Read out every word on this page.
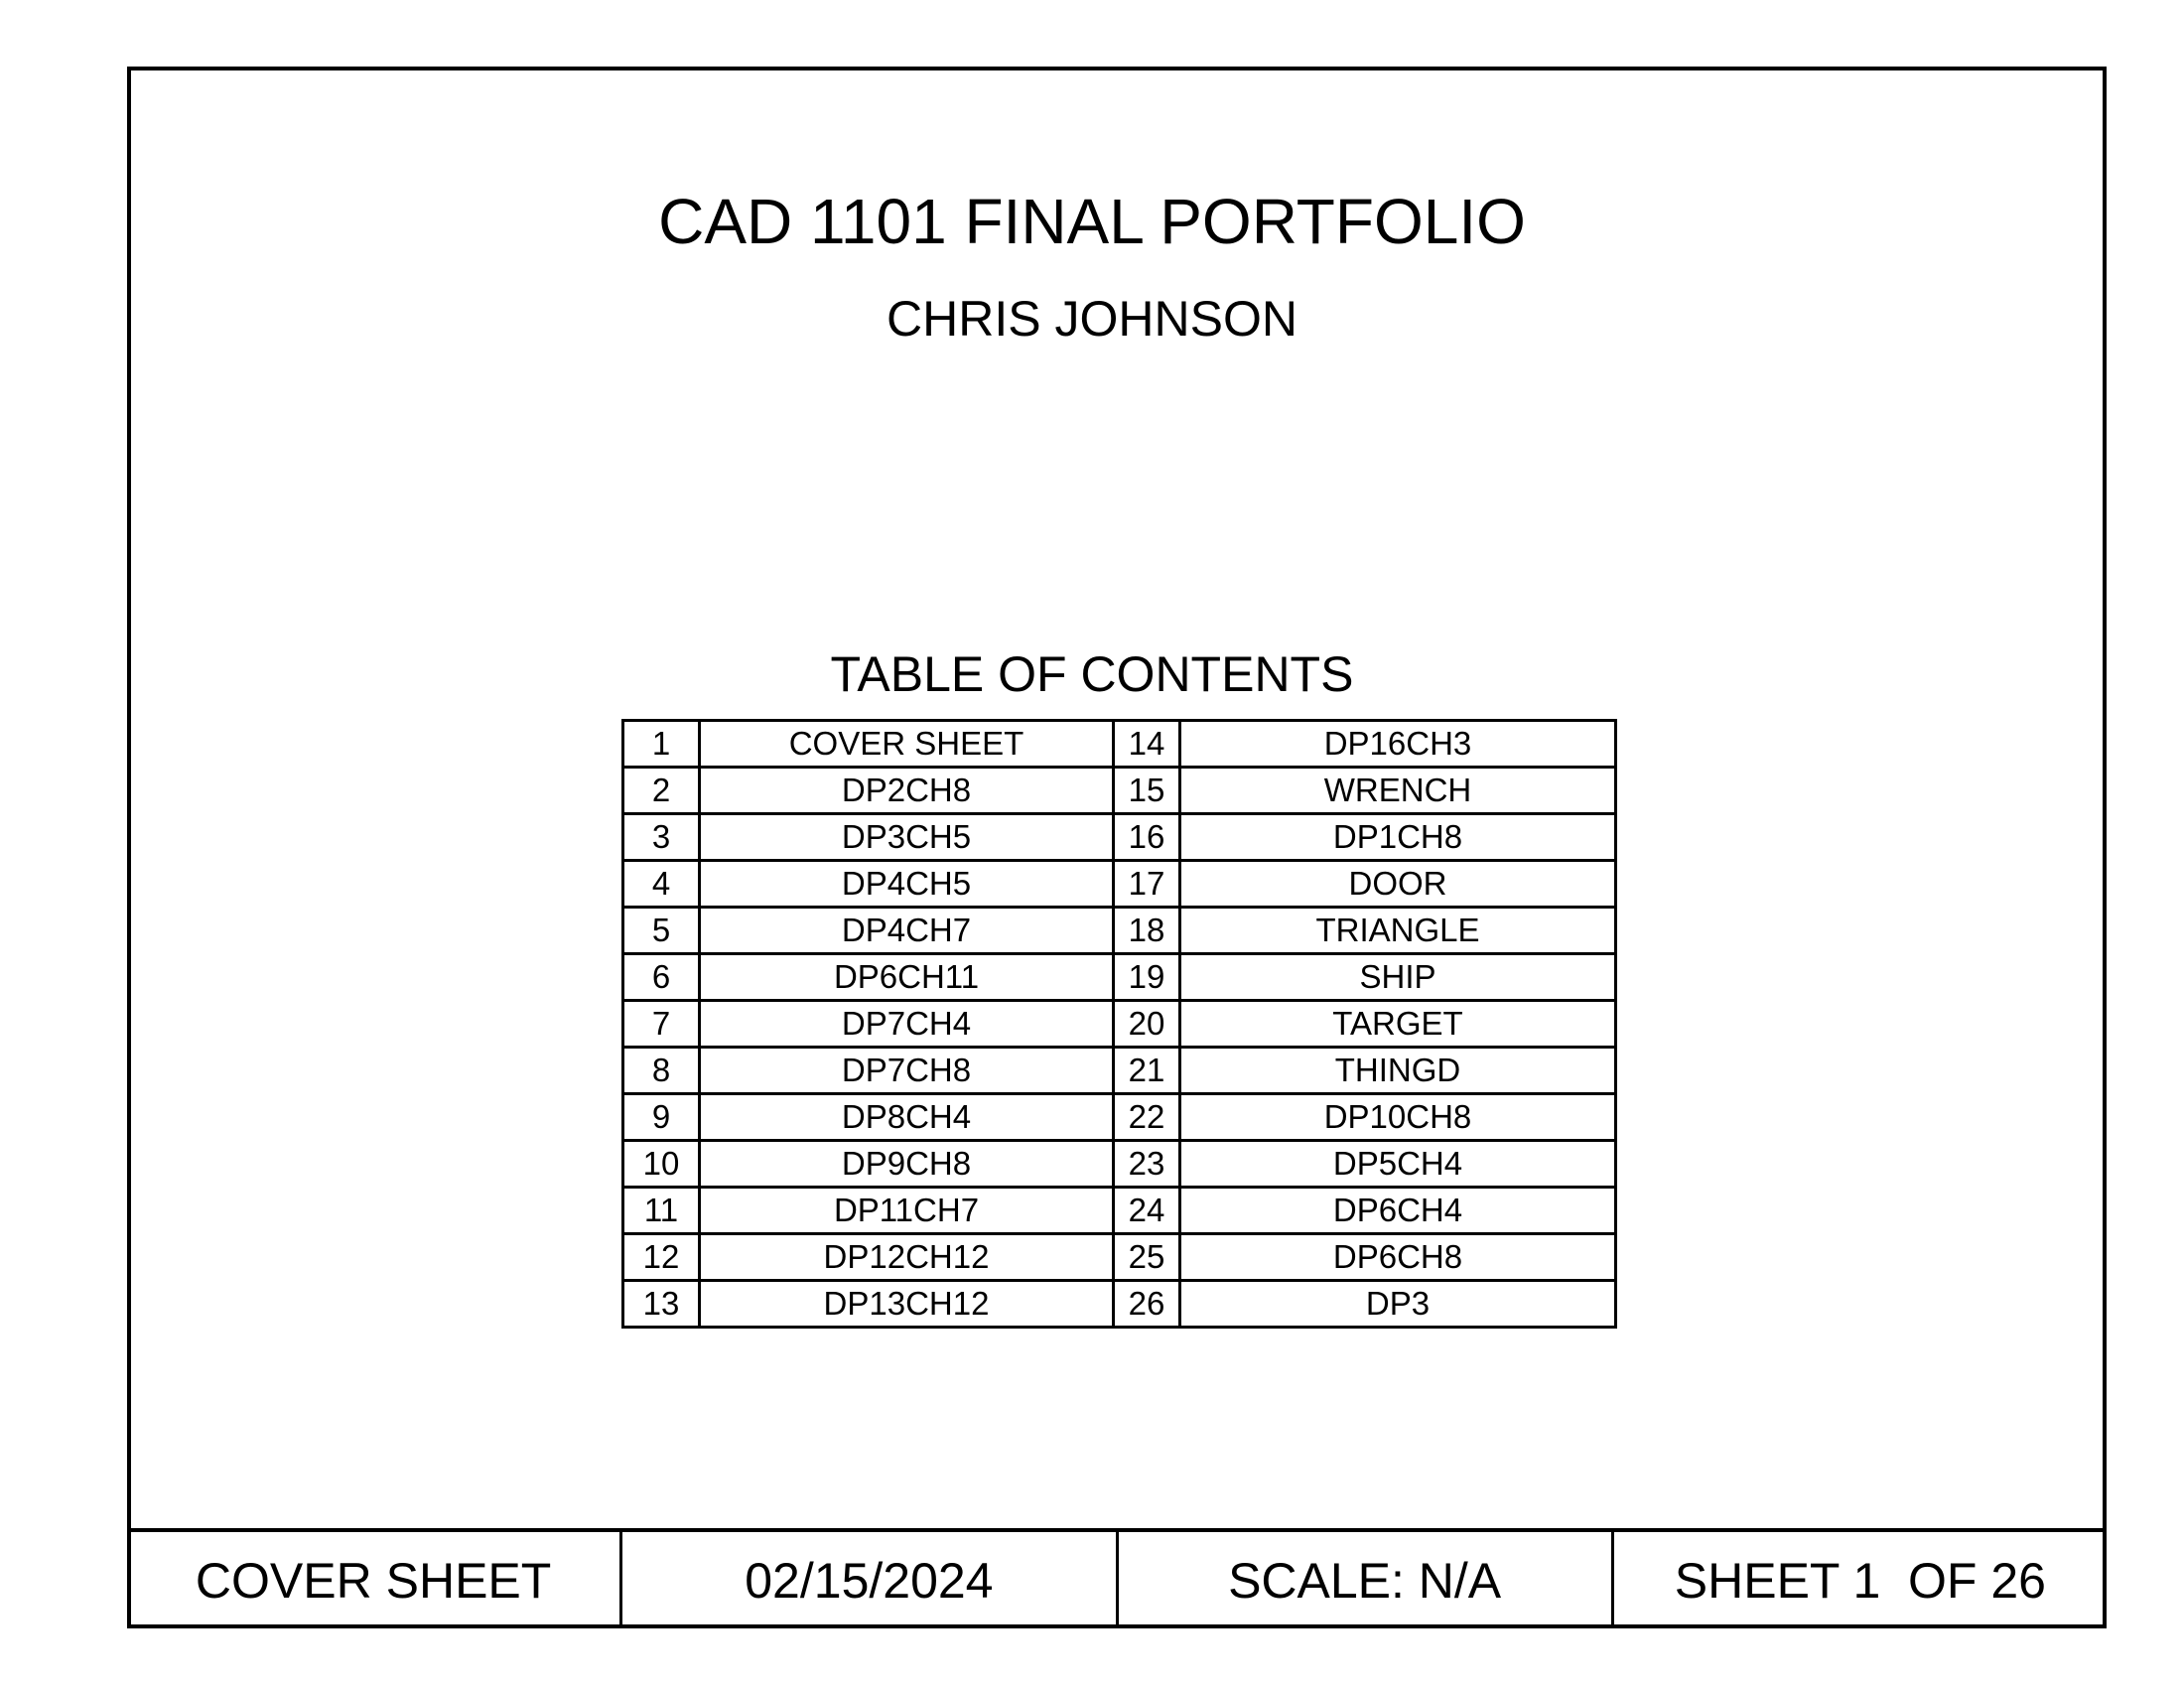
CAD 1101 FINAL PORTFOLIO
CHRIS JOHNSON
TABLE OF CONTENTS
1	COVER SHEET	14	DP16CH3
2	DP2CH8	15	WRENCH
3	DP3CH5	16	DP1CH8
4	DP4CH5	17	DOOR
5	DP4CH7	18	TRIANGLE
6	DP6CH11	19	SHIP
7	DP7CH4	20	TARGET
8	DP7CH8	21	THINGD
9	DP8CH4	22	DP10CH8
10	DP9CH8	23	DP5CH4
11	DP11CH7	24	DP6CH4
12	DP12CH12	25	DP6CH8
13	DP13CH12	26	DP3
COVER SHEET	02/15/2024	SCALE: N/A	SHEET 1  OF 26
